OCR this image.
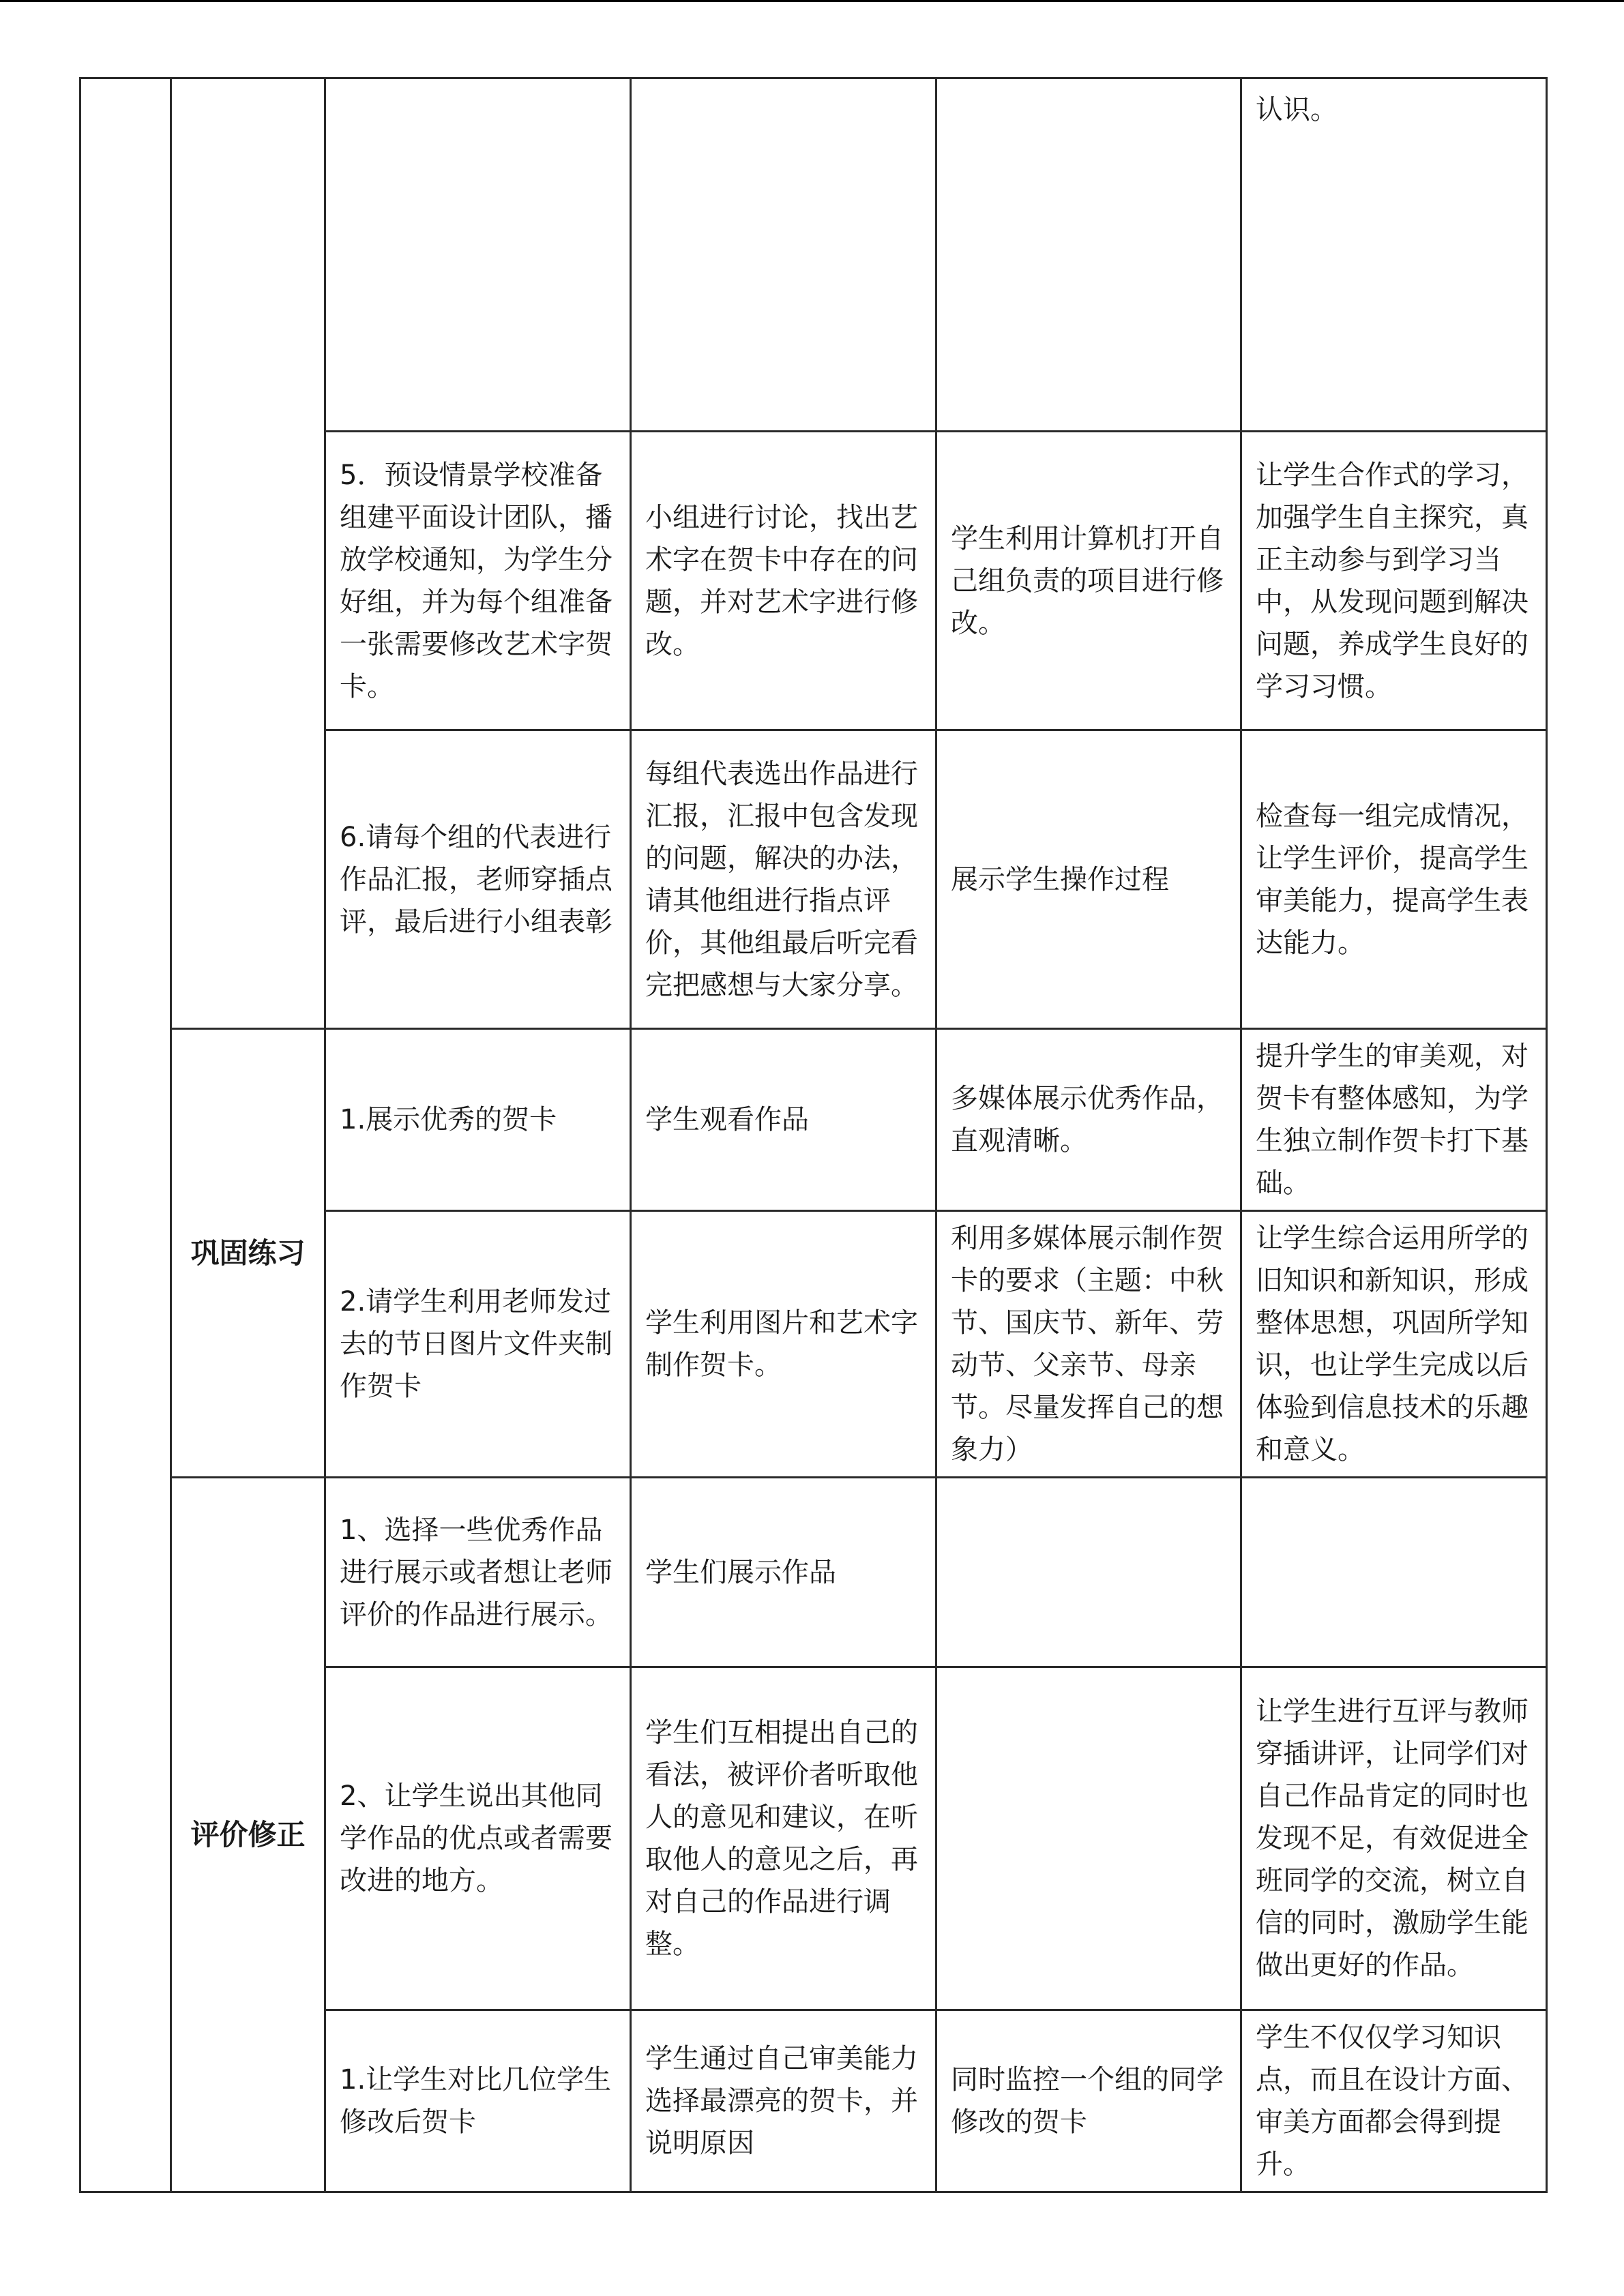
					认识。
		5．预设情景学校准备组建平面设计团队，播放学校通知，为学生分好组，并为每个组准备一张需要修改艺术字贺卡。	小组进行讨论，找出艺术字在贺卡中存在的问题，并对艺术字进行修改。	学生利用计算机打开自己组负责的项目进行修改。	让学生合作式的学习，加强学生自主探究，真正主动参与到学习当中，从发现问题到解决问题，养成学生良好的学习习惯。
		6.请每个组的代表进行作品汇报，老师穿插点评，最后进行小组表彰	每组代表选出作品进行汇报，汇报中包含发现的问题，解决的办法，请其他组进行指点评价，其他组最后听完看完把感想与大家分享。	展示学生操作过程	检查每一组完成情况，让学生评价，提高学生审美能力，提高学生表达能力。
	巩固练习	1.展示优秀的贺卡	学生观看作品	多媒体展示优秀作品，直观清晰。	提升学生的审美观，对贺卡有整体感知，为学生独立制作贺卡打下基础。
		2.请学生利用老师发过去的节日图片文件夹制作贺卡	学生利用图片和艺术字制作贺卡。	利用多媒体展示制作贺卡的要求（主题：中秋节、国庆节、新年、劳动节、父亲节、母亲节。尽量发挥自己的想象力）	让学生综合运用所学的旧知识和新知识，形成整体思想，巩固所学知识，也让学生完成以后体验到信息技术的乐趣和意义。
	评价修正	1、选择一些优秀作品进行展示或者想让老师评价的作品进行展示。	学生们展示作品		
		2、让学生说出其他同学作品的优点或者需要改进的地方。	学生们互相提出自己的看法，被评价者听取他人的意见和建议，在听取他人的意见之后，再对自己的作品进行调整。		让学生进行互评与教师穿插讲评，让同学们对自己作品肯定的同时也发现不足，有效促进全班同学的交流，树立自信的同时，激励学生能做出更好的作品。
		1.让学生对比几位学生修改后贺卡	学生通过自己审美能力选择最漂亮的贺卡，并说明原因	同时监控一个组的同学修改的贺卡	学生不仅仅学习知识点，而且在设计方面、审美方面都会得到提升。
